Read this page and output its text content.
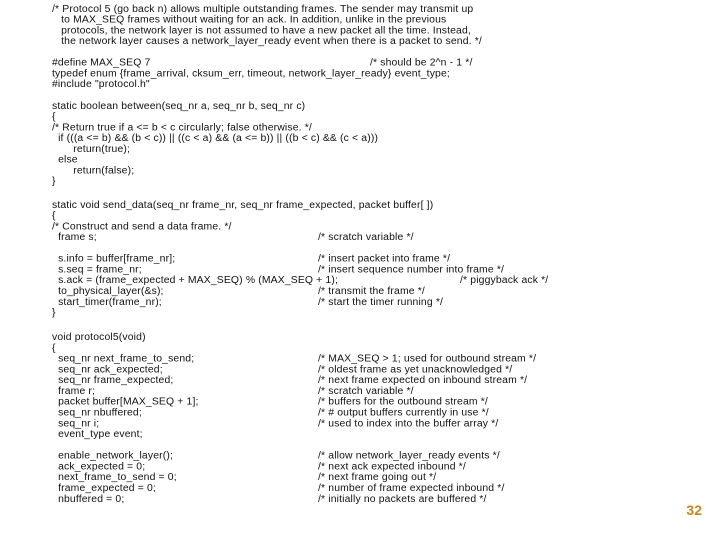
/* Protocol 5 (go back n) allows multiple outstanding frames. The sender may transmit up
to MAX_SEQ frames without waiting for an ack. In addition, unlike in the previous
protocols, the network layer is not assumed to have a new packet all the time. Instead,
the network layer causes a network_layer_ready event when there is a packet to send. */
#define MAX_SEQ 7	/* should be 2^n - 1 */
typedef enum {frame_arrival, cksum_err, timeout, network_layer_ready} event_type;
#include "protocol.h"
static boolean between(seq_nr a, seq_nr b, seq_nr c)
{
/* Return true if a <= b < c circularly; false otherwise. */
if (((a <= b) && (b < c)) || ((c < a) && (a <= b)) || ((b < c) && (c < a)))
return(true);
else
return(false);
}
static void send_data(seq_nr frame_nr, seq_nr frame_expected, packet buffer[ ])
{
/* Construct and send a data frame. */
frame s;	/* scratch variable */
s.info = buffer[frame_nr];	/* insert packet into frame */
s.seq = frame_nr;	/* insert sequence number into frame */
s.ack = (frame_expected + MAX_SEQ) % (MAX_SEQ + 1);	/* piggyback ack */
to_physical_layer(&s);	/* transmit the frame */
start_timer(frame_nr);	/* start the timer running */
}
void protocol5(void)
{
seq_nr next_frame_to_send;	/* MAX_SEQ > 1; used for outbound stream */
seq_nr ack_expected;	/* oldest frame as yet unacknowledged */
seq_nr frame_expected;	/* next frame expected on inbound stream */
frame r;	/* scratch variable */
packet buffer[MAX_SEQ + 1];	/* buffers for the outbound stream */
seq_nr nbuffered;	/* # output buffers currently in use */
seq_nr i;	/* used to index into the buffer array */
event_type event;
enable_network_layer();	/* allow network_layer_ready events */
ack_expected = 0;	/* next ack expected inbound */
next_frame_to_send = 0;	/* next frame going out */
frame_expected = 0;	/* number of frame expected inbound */
nbuffered = 0;	/* initially no packets are buffered */
32
